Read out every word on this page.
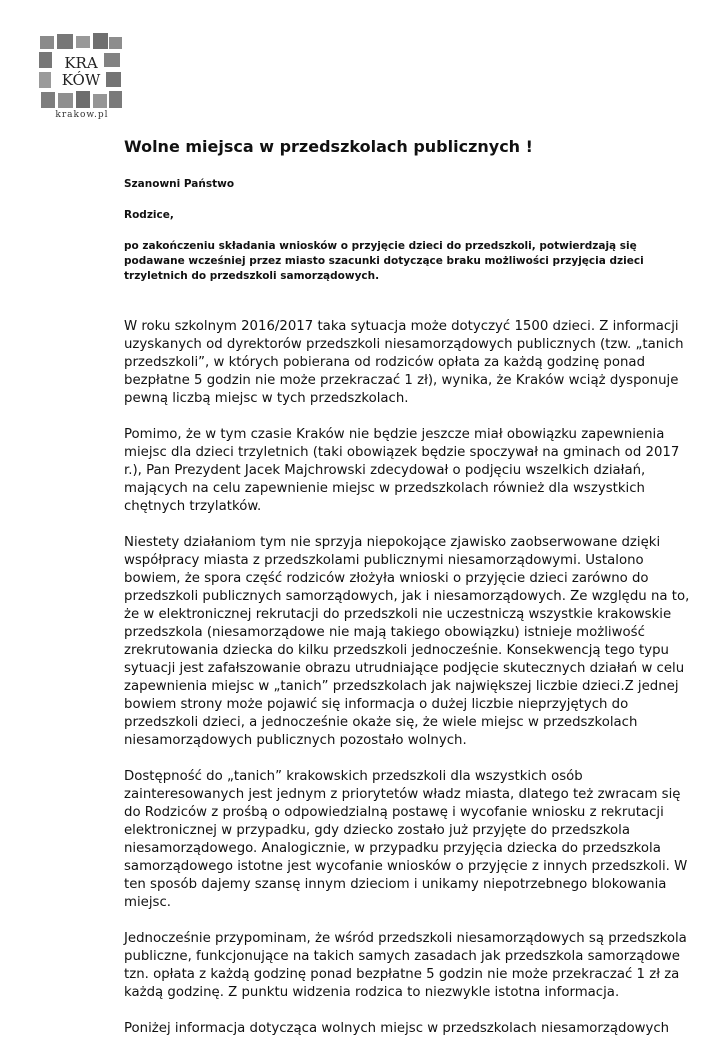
KRA
KÓW
krakow.pl
Wolne miejsca w przedszkolach publicznych !

Szanowni Państwo

Rodzice,

po zakończeniu składania wniosków o przyjęcie dzieci do przedszkoli, potwierdzają się podawane wcześniej przez miasto szacunki dotyczące braku możliwości przyjęcia dzieci trzyletnich do przedszkoli samorządowych.

W roku szkolnym 2016/2017 taka sytuacja może dotyczyć 1500 dzieci. Z informacji uzyskanych od dyrektorów przedszkoli niesamorządowych publicznych (tzw. „tanich przedszkoli”, w których pobierana od rodziców opłata za każdą godzinę ponad bezpłatne 5 godzin nie może przekraczać 1 zł), wynika, że Kraków wciąż dysponuje pewną liczbą miejsc w tych przedszkolach.

Pomimo, że w tym czasie Kraków nie będzie jeszcze miał obowiązku zapewnienia miejsc dla dzieci trzyletnich (taki obowiązek będzie spoczywał na gminach od 2017 r.), Pan Prezydent Jacek Majchrowski zdecydował o podjęciu wszelkich działań, mających na celu zapewnienie miejsc w przedszkolach również dla wszystkich chętnych trzylatków.

Niestety działaniom tym nie sprzyja niepokojące zjawisko zaobserwowane dzięki współpracy miasta z przedszkolami publicznymi niesamorządowymi. Ustalono bowiem, że spora część rodziców złożyła wnioski o przyjęcie dzieci zarówno do przedszkoli publicznych samorządowych, jak i niesamorządowych. Ze względu na to, że w elektronicznej rekrutacji do przedszkoli nie uczestniczą wszystkie krakowskie przedszkola (niesamorządowe nie mają takiego obowiązku) istnieje możliwość zrekrutowania dziecka do kilku przedszkoli jednocześnie. Konsekwencją tego typu sytuacji jest zafałszowanie obrazu utrudniające podjęcie skutecznych działań w celu zapewnienia miejsc w „tanich” przedszkolach jak największej liczbie dzieci.Z jednej bowiem strony może pojawić się informacja o dużej liczbie nieprzyjętych do przedszkoli dzieci, a jednocześnie okaże się, że wiele miejsc w przedszkolach niesamorządowych publicznych pozostało wolnych.

Dostępność do „tanich” krakowskich przedszkoli dla wszystkich osób zainteresowanych jest jednym z priorytetów władz miasta, dlatego też zwracam się do Rodziców z prośbą o odpowiedzialną postawę i wycofanie wniosku z rekrutacji elektronicznej w przypadku, gdy dziecko zostało już przyjęte do przedszkola niesamorządowego. Analogicznie, w przypadku przyjęcia dziecka do przedszkola samorządowego istotne jest wycofanie wniosków o przyjęcie z innych przedszkoli. W ten sposób dajemy szansę innym dzieciom i unikamy niepotrzebnego blokowania miejsc.

Jednocześnie przypominam, że wśród przedszkoli niesamorządowych są przedszkola publiczne, funkcjonujące na takich samych zasadach jak przedszkola samorządowe tzn. opłata z każdą godzinę ponad bezpłatne 5 godzin nie może przekraczać 1 zł za każdą godzinę. Z punktu widzenia rodzica to niezwykle istotna informacja.

Poniżej informacja dotycząca wolnych miejsc w przedszkolach niesamorządowych
